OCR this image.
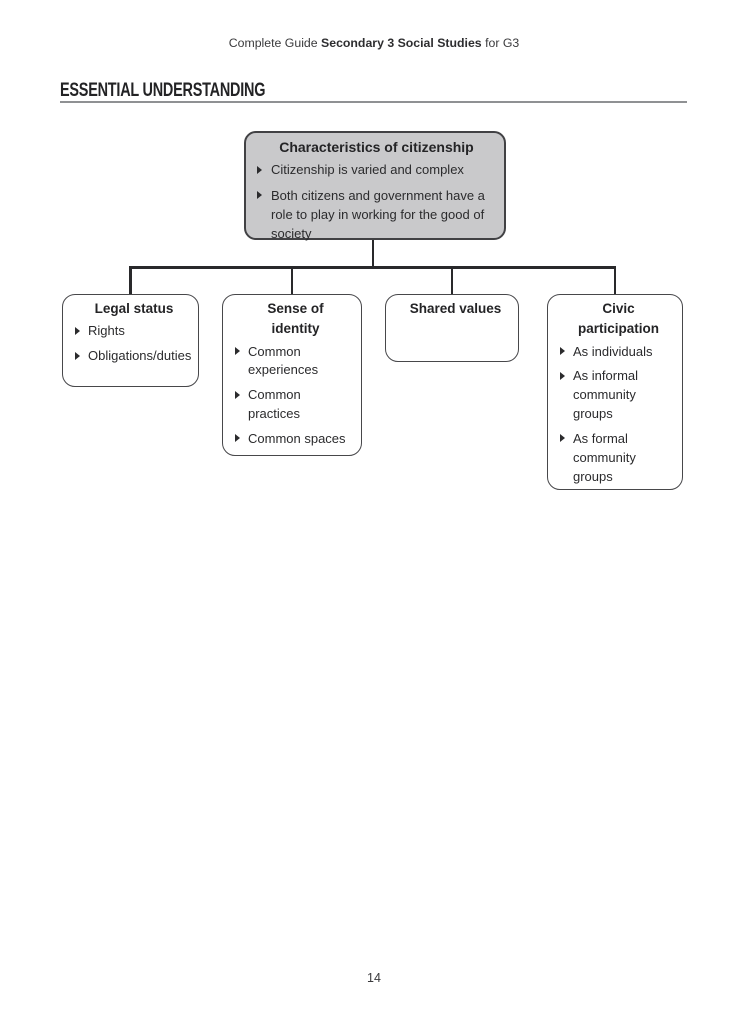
Complete Guide Secondary 3 Social Studies for G3
ESSENTIAL UNDERSTANDING
Characteristics of citizenship
Citizenship is varied and complex
Both citizens and government have a role to play in working for the good of society
Legal status
Rights
Obligations/​duties
Sense of identity
Common experiences
Common practices
Common spaces
Shared values	Civic participation
As individuals
As informal community groups
As formal community groups
14
